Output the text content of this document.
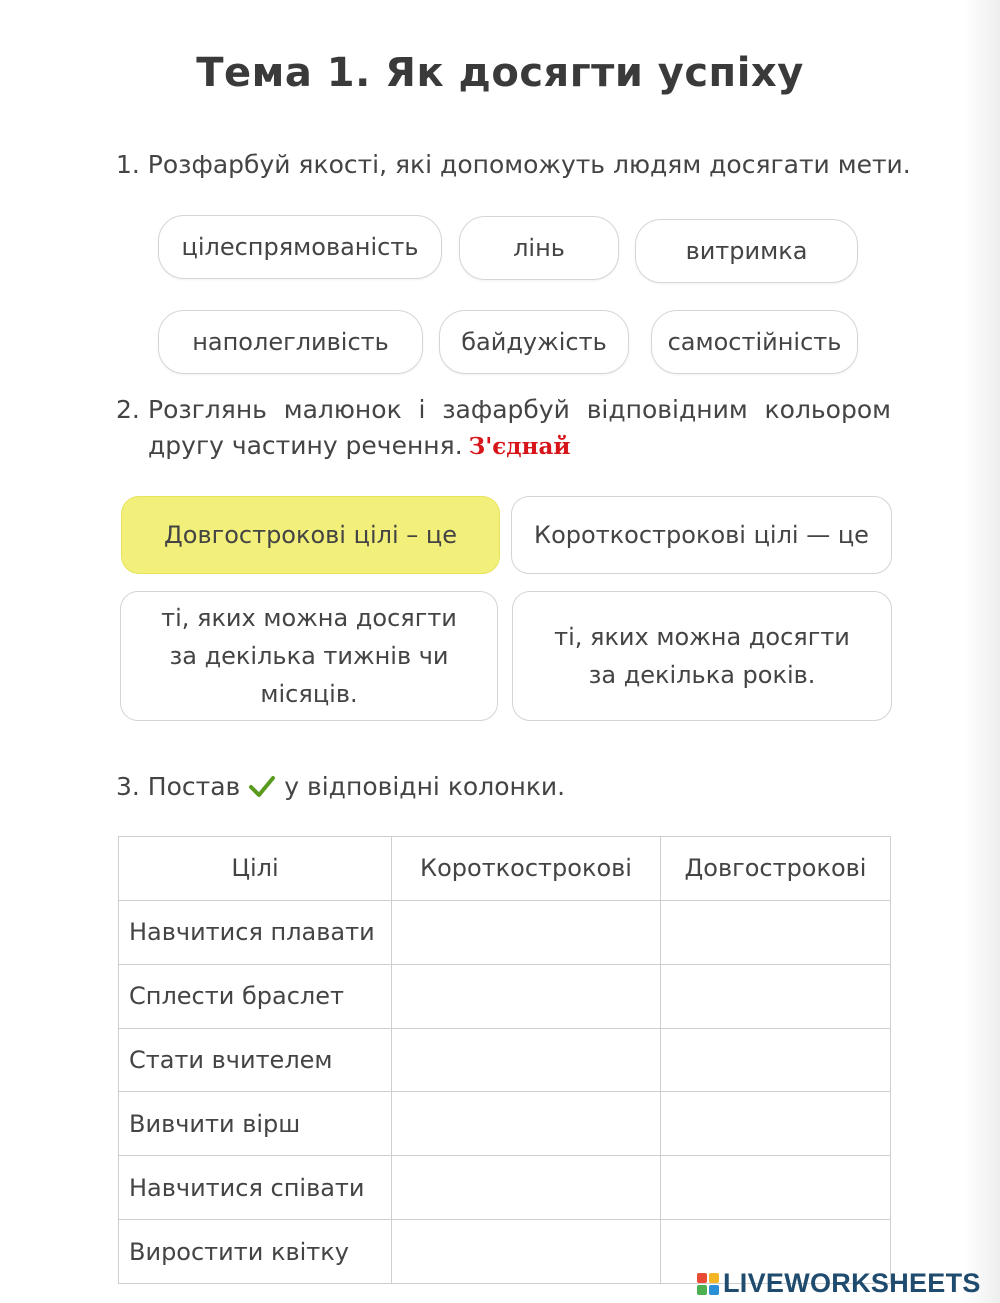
Тема 1. Як досягти успіху
1. Розфарбуй якості, які допоможуть людям досягати мети.
цілеспрямованість	лінь	витримка
наполегливість	байдужість	самостійність
2. Розглянь малюнок і зафарбуй відповідним кольором
другу частину речення. З'єднай
Довгострокові цілі – це	Короткострокові цілі — це
ті, яких можна досягти
за декілька тижнів чи
місяців.
ті, яких можна досягти
за декілька років.
3. Постав у відповідні колонки.
Цілі	Короткострокові	Довгострокові
Навчитися плавати		
Сплести браслет		
Стати вчителем		
Вивчити вірш		
Навчитися співати		
Виростити квітку		
LIVEWORKSHEETS
